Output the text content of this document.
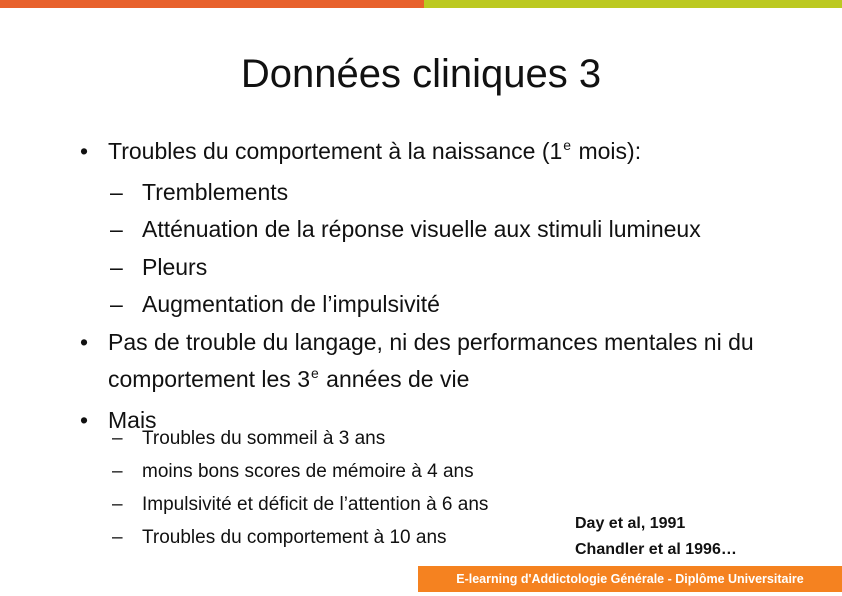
Données cliniques 3
• Troubles du comportement à la naissance (1e mois):
– Tremblements
– Atténuation de la réponse visuelle aux stimuli lumineux
– Pleurs
– Augmentation de l’impulsivité
• Pas de trouble du langage, ni des performances mentales ni du comportement les 3e années de vie
• Mais
– Troubles du sommeil à 3 ans
– moins bons scores de mémoire à 4 ans
– Impulsivité et déficit de l’attention à 6 ans
– Troubles du comportement à 10 ans
Day et al, 1991
Chandler et al 1996…
E-learning d'Addictologie Générale - Diplôme Universitaire
